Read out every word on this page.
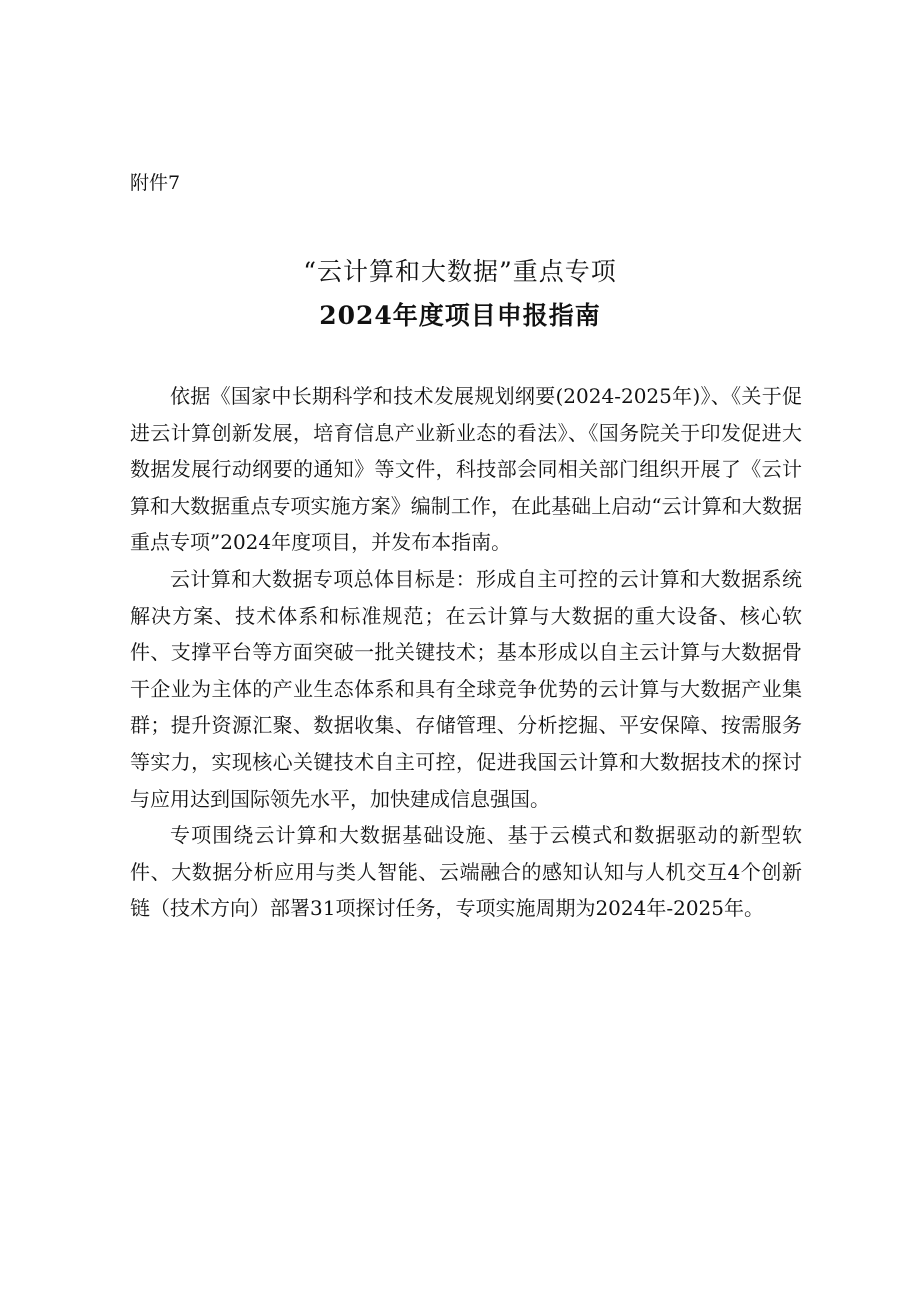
附件7
“云计算和大数据”重点专项
2024年度项目申报指南

依据《国家中长期科学和技术发展规划纲要(2024-2025年)》、《关于促进云计算创新发展，培育信息产业新业态的看法》、《国务院关于印发促进大数据发展行动纲要的通知》等文件，科技部会同相关部门组织开展了《云计算和大数据重点专项实施方案》编制工作，在此基础上启动“云计算和大数据重点专项”2024年度项目，并发布本指南。

云计算和大数据专项总体目标是：形成自主可控的云计算和大数据系统解决方案、技术体系和标准规范；在云计算与大数据的重大设备、核心软件、支撑平台等方面突破一批关键技术；基本形成以自主云计算与大数据骨干企业为主体的产业生态体系和具有全球竞争优势的云计算与大数据产业集群；提升资源汇聚、数据收集、存储管理、分析挖掘、平安保障、按需服务等实力，实现核心关键技术自主可控，促进我国云计算和大数据技术的探讨与应用达到国际领先水平，加快建成信息强国。

专项围绕云计算和大数据基础设施、基于云模式和数据驱动的新型软件、大数据分析应用与类人智能、云端融合的感知认知与人机交互4个创新链（技术方向）部署31项探讨任务，专项实施周期为2024年-2025年。
